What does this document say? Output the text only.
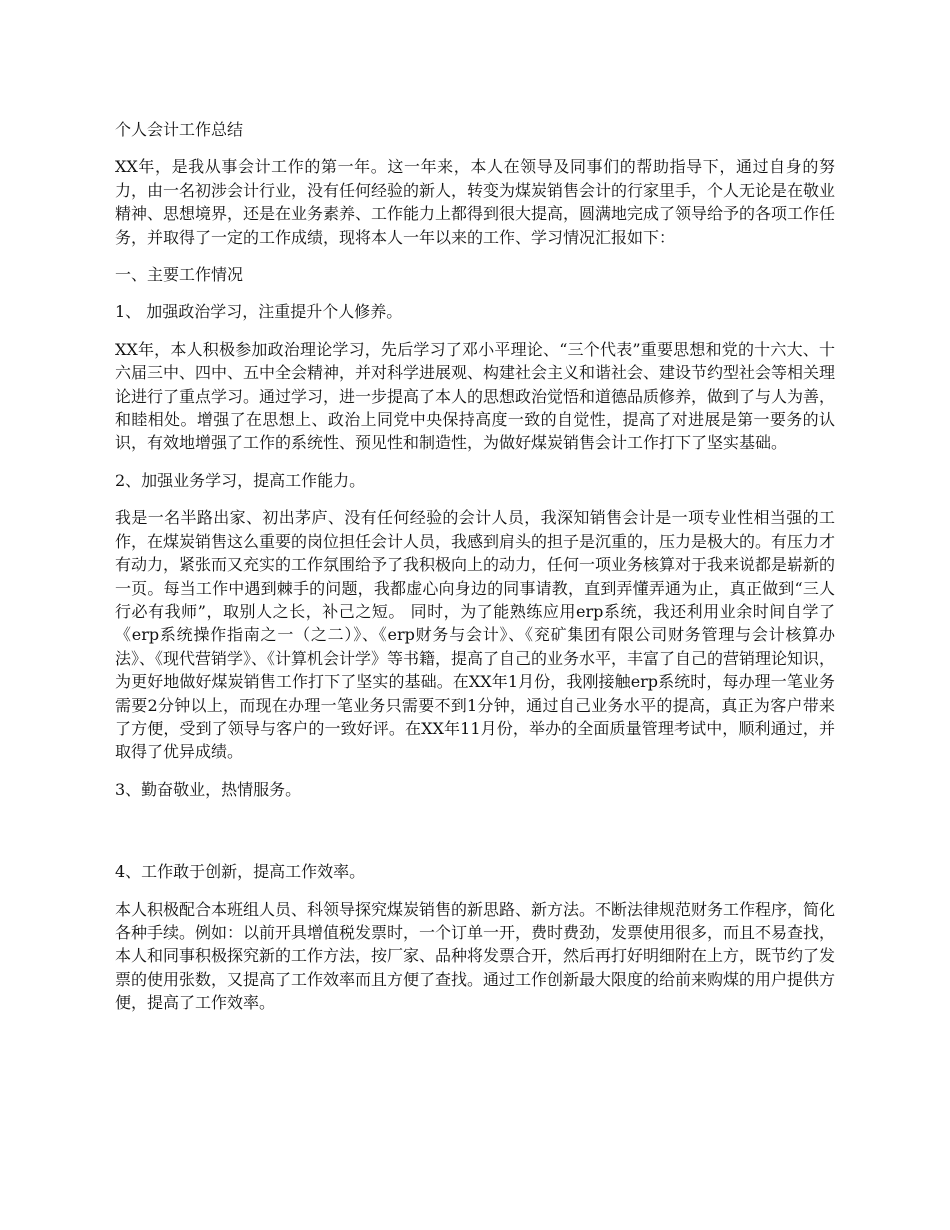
个人会计工作总结

XX年，是我从事会计工作的第一年。这一年来，本人在领导及同事们的帮助指导下，通过自身的努力，由一名初涉会计行业，没有任何经验的新人，转变为煤炭销售会计的行家里手，个人无论是在敬业精神、思想境界，还是在业务素养、工作能力上都得到很大提高，圆满地完成了领导给予的各项工作任务，并取得了一定的工作成绩，现将本人一年以来的工作、学习情况汇报如下：

一、主要工作情况

1、 加强政治学习，注重提升个人修养。

XX年，本人积极参加政治理论学习，先后学习了邓小平理论、“三个代表”重要思想和党的十六大、十六届三中、四中、五中全会精神，并对科学进展观、构建社会主义和谐社会、建设节约型社会等相关理论进行了重点学习。通过学习，进一步提高了本人的思想政治觉悟和道德品质修养，做到了与人为善，和睦相处。增强了在思想上、政治上同党中央保持高度一致的自觉性，提高了对进展是第一要务的认识，有效地增强了工作的系统性、预见性和制造性，为做好煤炭销售会计工作打下了坚实基础。

2、加强业务学习，提高工作能力。

我是一名半路出家、初出茅庐、没有任何经验的会计人员，我深知销售会计是一项专业性相当强的工作，在煤炭销售这么重要的岗位担任会计人员，我感到肩头的担子是沉重的，压力是极大的。有压力才有动力，紧张而又充实的工作氛围给予了我积极向上的动力，任何一项业务核算对于我来说都是崭新的一页。每当工作中遇到棘手的问题，我都虚心向身边的同事请教，直到弄懂弄通为止，真正做到“三人行必有我师”，取别人之长，补己之短。 同时，为了能熟练应用erp系统，我还利用业余时间自学了《erp系统操作指南之一（之二）》、《erp财务与会计》、《兖矿集团有限公司财务管理与会计核算办法》、《现代营销学》、《计算机会计学》等书籍，提高了自己的业务水平，丰富了自己的营销理论知识，为更好地做好煤炭销售工作打下了坚实的基础。在XX年1月份，我刚接触erp系统时，每办理一笔业务需要2分钟以上，而现在办理一笔业务只需要不到1分钟，通过自己业务水平的提高，真正为客户带来了方便，受到了领导与客户的一致好评。在XX年11月份，举办的全面质量管理考试中，顺利通过，并取得了优异成绩。

3、勤奋敬业，热情服务。

4、工作敢于创新，提高工作效率。

本人积极配合本班组人员、科领导探究煤炭销售的新思路、新方法。不断法律规范财务工作程序，简化各种手续。例如：以前开具增值税发票时，一个订单一开，费时费劲，发票使用很多，而且不易查找，本人和同事积极探究新的工作方法，按厂家、品种将发票合开，然后再打好明细附在上方，既节约了发票的使用张数，又提高了工作效率而且方便了查找。通过工作创新最大限度的给前来购煤的用户提供方便，提高了工作效率。
